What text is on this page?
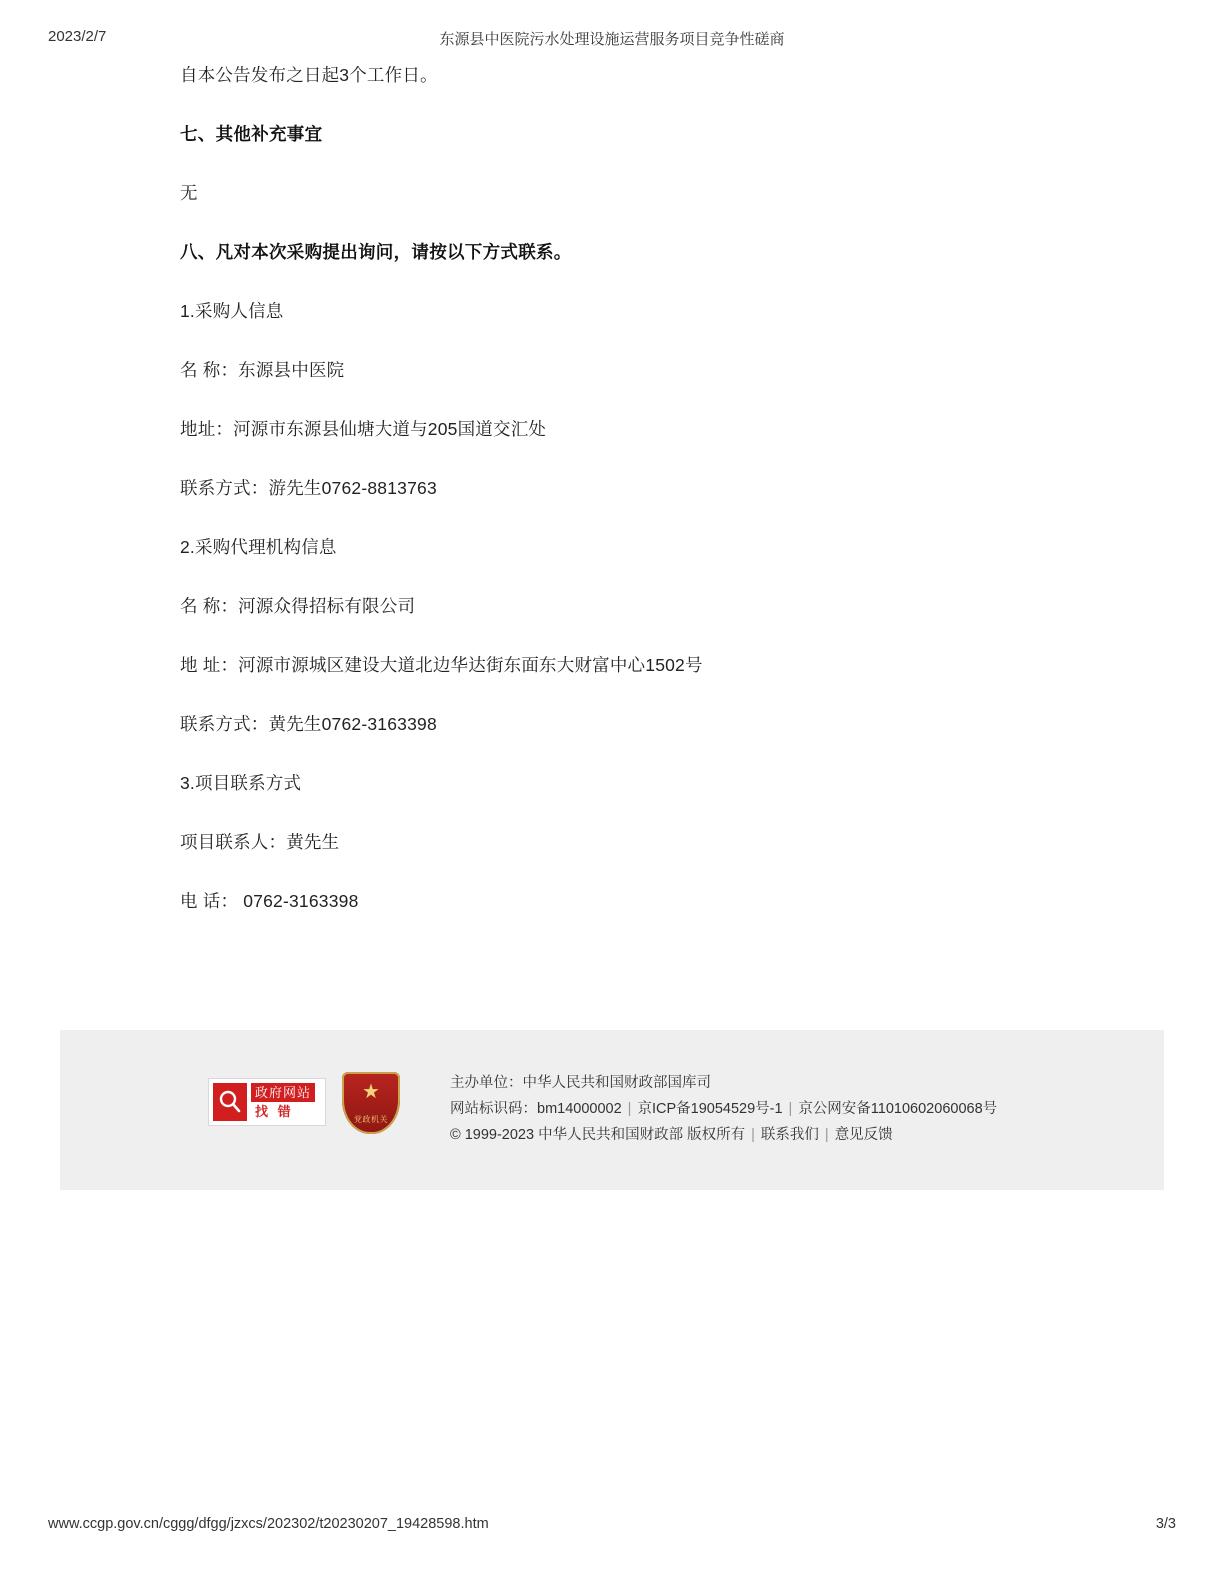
2023/2/7	东源县中医院污水处理设施运营服务项目竞争性磋商

自本公告发布之日起3个工作日。

七、其他补充事宜

无

八、凡对本次采购提出询问，请按以下方式联系。

1.采购人信息

名 称：东源县中医院

地址：河源市东源县仙塘大道与205国道交汇处

联系方式：游先生0762-8813763

2.采购代理机构信息

名 称：河源众得招标有限公司

地 址：河源市源城区建设大道北边华达街东面东大财富中心1502号

联系方式：黄先生0762-3163398

3.项目联系方式

项目联系人：黄先生

电 话： 0762-3163398

政府网站
找 错
★
党政机关
主办单位：中华人民共和国财政部国库司
网站标识码：bm14000002 | 京ICP备19054529号-1 | 京公网安备11010602060068号
© 1999-2023 中华人民共和国财政部 版权所有 | 联系我们 | 意见反馈
www.ccgp.gov.cn/cggg/dfgg/jzxcs/202302/t20230207_19428598.htm	3/3
